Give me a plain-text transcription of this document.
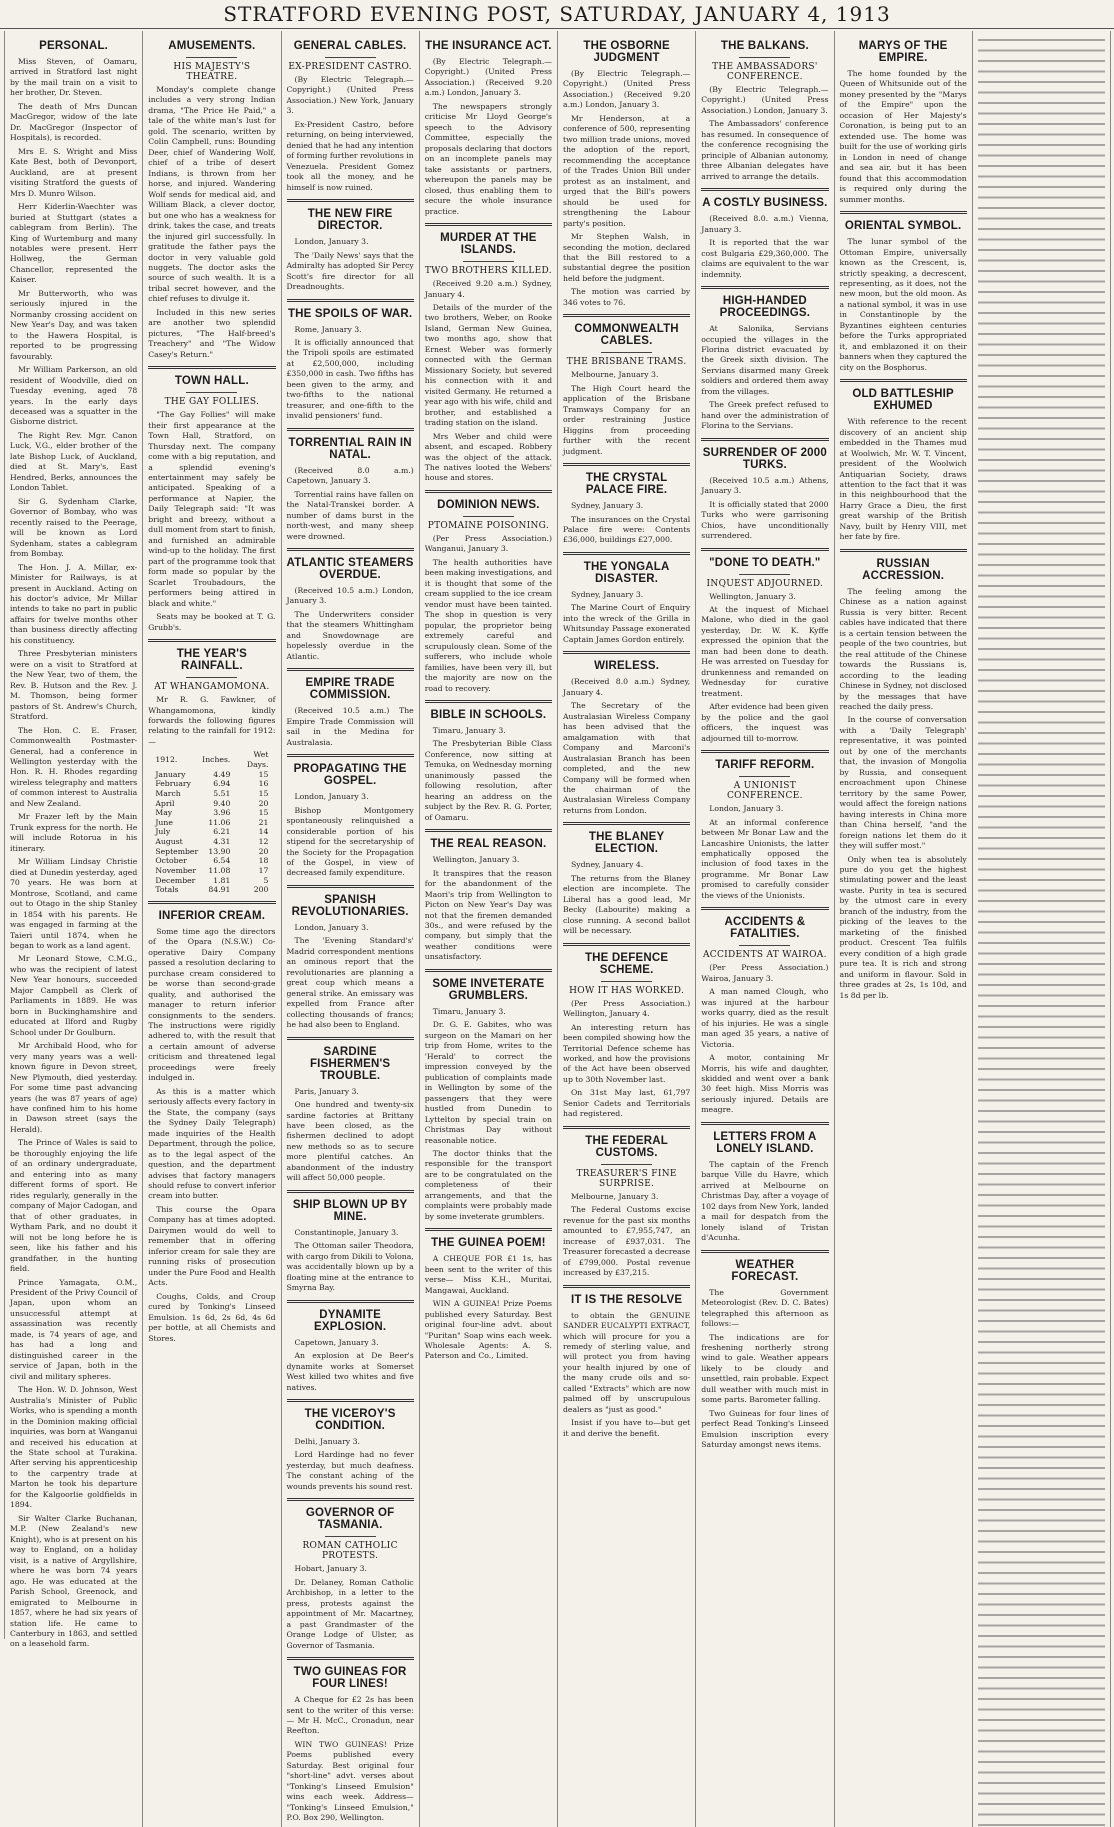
STRATFORD EVENING POST, SATURDAY, JANUARY 4, 1913
PERSONAL.

Miss Steven, of Oamaru, arrived in Stratford last night by the mail train on a visit to her brother, Dr. Steven.

The death of Mrs Duncan MacGregor, widow of the late Dr. MacGregor (Inspector of Hospitals), is recorded.

Mrs E. S. Wright and Miss Kate Best, both of Devonport, Auckland, are at present visiting Stratford the guests of Mrs D. Munro Wilson.

Herr Kiderlin-Waechter was buried at Stuttgart (states a cablegram from Berlin). The King of Wurtemburg and many notables were present. Herr Hollweg, the German Chancellor, represented the Kaiser.

Mr Butterworth, who was seriously injured in the Normanby crossing accident on New Year's Day, and was taken to the Hawera Hospital, is reported to be progressing favourably.

Mr William Parkerson, an old resident of Woodville, died on Tuesday evening, aged 78 years. In the early days deceased was a squatter in the Gisborne district.

The Right Rev. Mgr. Canon Luck, V.G., elder brother of the late Bishop Luck, of Auckland, died at St. Mary's, East Hendred, Berks, announces the London Tablet.

Sir G. Sydenham Clarke, Governor of Bombay, who was recently raised to the Peerage, will be known as Lord Sydenham, states a cablegram from Bombay.

The Hon. J. A. Millar, ex-Minister for Railways, is at present in Auckland. Acting on his doctor's advice, Mr Millar intends to take no part in public affairs for twelve months other than business directly affecting his constituency.

Three Presbyterian ministers were on a visit to Stratford at the New Year, two of them, the Rev. B. Hutson and the Rev. J. M. Thomson, being former pastors of St. Andrew's Church, Stratford.

The Hon. C. E. Fraser, Commonwealth Postmaster-General, had a conference in Wellington yesterday with the Hon. R. H. Rhodes regarding wireless telegraphy and matters of common interest to Australia and New Zealand.

Mr Frazer left by the Main Trunk express for the north. He will include Rotorua in his itinerary.

Mr William Lindsay Christie died at Dunedin yesterday, aged 70 years. He was born at Montrose, Scotland, and came out to Otago in the ship Stanley in 1854 with his parents. He was engaged in farming at the Taieri until 1874, when he began to work as a land agent.

Mr Leonard Stowe, C.M.G., who was the recipient of latest New Year honours, succeeded Major Campbell as Clerk of Parliaments in 1889. He was born in Buckinghamshire and educated at Ilford and Rugby School under Dr Goulburn.

Mr Archibald Hood, who for very many years was a well-known figure in Devon street, New Plymouth, died yesterday. For some time past advancing years (he was 87 years of age) have confined him to his home in Dawson street (says the Herald).

The Prince of Wales is said to be thoroughly enjoying the life of an ordinary undergraduate, and entering into as many different forms of sport. He rides regularly, generally in the company of Major Cadogan, and that of other graduates, in Wytham Park, and no doubt it will not be long before he is seen, like his father and his grandfather, in the hunting field.

Prince Yamagata, O.M., President of the Privy Council of Japan, upon whom an unsuccessful attempt at assassination was recently made, is 74 years of age, and has had a long and distinguished career in the service of Japan, both in the civil and military spheres.

The Hon. W. D. Johnson, West Australia's Minister of Public Works, who is spending a month in the Dominion making official inquiries, was born at Wanganui and received his education at the State school at Turakina. After serving his apprenticeship to the carpentry trade at Marton he took his departure for the Kalgoorlie goldfields in 1894.

Sir Walter Clarke Buchanan, M.P. (New Zealand's new Knight), who is at present on his way to England, on a holiday visit, is a native of Argyllshire, where he was born 74 years ago. He was educated at the Parish School, Greenock, and emigrated to Melbourne in 1857, where he had six years of station life. He came to Canterbury in 1863, and settled on a leasehold farm.

AMUSEMENTS.
HIS MAJESTY'S THEATRE.

Monday's complete change includes a very strong Indian drama, "The Price He Paid," a tale of the white man's lust for gold. The scenario, written by Colin Campbell, runs: Bounding Deer, chief of Wandering Wolf, chief of a tribe of desert Indians, is thrown from her horse, and injured. Wandering Wolf sends for medical aid, and William Black, a clever doctor, but one who has a weakness for drink, takes the case, and treats the injured girl successfully. In gratitude the father pays the doctor in very valuable gold nuggets. The doctor asks the source of such wealth. It is a tribal secret however, and the chief refuses to divulge it.

Included in this new series are another two splendid pictures, "The Half-breed's Treachery" and "The Widow Casey's Return."

TOWN HALL.
THE GAY FOLLIES.

"The Gay Follies" will make their first appearance at the Town Hall, Stratford, on Thursday next. The company come with a big reputation, and a splendid evening's entertainment may safely be anticipated. Speaking of a performance at Napier, the Daily Telegraph said: "It was bright and breezy, without a dull moment from start to finish, and furnished an admirable wind-up to the holiday. The first part of the programme took that form made so popular by the Scarlet Troubadours, the performers being attired in black and white."

Seats may be booked at T. G. Grubb's.

THE YEAR'S RAINFALL.
AT WHANGAMOMONA.

Mr R. G. Fawkner, of Whangamomona, kindly forwards the following figures relating to the rainfall for 1912:—

1912.	Inches.	Wet Days.
January	4.49	15
February	6.94	16
March	5.51	15
April	9.40	20
May	3.96	15
June	11.06	21
July	6.21	14
August	4.31	12
September	13.90	20
October	6.54	18
November	11.08	17
December	1.81	5
Totals	84.91	200
INFERIOR CREAM.

Some time ago the directors of the Opara (N.S.W.) Co-operative Dairy Company passed a resolution declaring to purchase cream considered to be worse than second-grade quality, and authorised the manager to return inferior consignments to the senders. The instructions were rigidly adhered to, with the result that a certain amount of adverse criticism and threatened legal proceedings were freely indulged in.

As this is a matter which seriously affects every factory in the State, the company (says the Sydney Daily Telegraph) made inquiries of the Health Department, through the police, as to the legal aspect of the question, and the department advises that factory managers should refuse to convert inferior cream into butter.

This course the Opara Company has at times adopted. Dairymen would do well to remember that in offering inferior cream for sale they are running risks of prosecution under the Pure Food and Health Acts.

Coughs, Colds, and Croup cured by Tonking's Linseed Emulsion. 1s 6d, 2s 6d, 4s 6d per bottle, at all Chemists and Stores.

GENERAL CABLES.
EX-PRESIDENT CASTRO.

(By Electric Telegraph.—Copyright.) (United Press Association.) New York, January 3.

Ex-President Castro, before returning, on being interviewed, denied that he had any intention of forming further revolutions in Venezuela. President Gomez took all the money, and he himself is now ruined.

THE NEW FIRE DIRECTOR.

London, January 3.

The 'Daily News' says that the Admiralty has adopted Sir Percy Scott's fire director for all Dreadnoughts.

THE SPOILS OF WAR.

Rome, January 3.

It is officially announced that the Tripoli spoils are estimated at £2,500,000, including £350,000 in cash. Two fifths has been given to the army, and two-fifths to the national treasurer, and one-fifth to the invalid pensioners' fund.

TORRENTIAL RAIN IN NATAL.

(Received 8.0 a.m.) Capetown, January 3.

Torrential rains have fallen on the Natal-Transkei border. A number of dams burst in the north-west, and many sheep were drowned.

ATLANTIC STEAMERS OVERDUE.

(Received 10.5 a.m.) London, January 3.

The Underwriters consider that the steamers Whittingham and Snowdownage are hopelessly overdue in the Atlantic.

EMPIRE TRADE COMMISSION.

(Received 10.5 a.m.) The Empire Trade Commission will sail in the Medina for Australasia.

PROPAGATING THE GOSPEL.

London, January 3.

Bishop Montgomery spontaneously relinquished a considerable portion of his stipend for the secretaryship of the Society for the Propagation of the Gospel, in view of decreased family expenditure.

SPANISH REVOLUTIONARIES.

London, January 3.

The 'Evening Standard's' Madrid correspondent mentions an ominous report that the revolutionaries are planning a great coup which means a general strike. An emissary was expelled from France after collecting thousands of francs; he had also been to England.

SARDINE FISHERMEN'S TROUBLE.

Paris, January 3.

One hundred and twenty-six sardine factories at Brittany have been closed, as the fishermen declined to adopt new methods so as to secure more plentiful catches. An abandonment of the industry will affect 50,000 people.

SHIP BLOWN UP BY MINE.

Constantinople, January 3.

The Ottoman sailer Theodora, with cargo from Dikili to Volona, was accidentally blown up by a floating mine at the entrance to Smyrna Bay.

DYNAMITE EXPLOSION.

Capetown, January 3.

An explosion at De Beer's dynamite works at Somerset West killed two whites and five natives.

THE VICEROY'S CONDITION.

Delhi, January 3.

Lord Hardinge had no fever yesterday, but much deafness. The constant aching of the wounds prevents his sound rest.

GOVERNOR OF TASMANIA.
ROMAN CATHOLIC PROTESTS.

Hobart, January 3.

Dr. Delaney, Roman Catholic Archbishop, in a letter to the press, protests against the appointment of Mr. Macartney, a past Grandmaster of the Orange Lodge of Ulster, as Governor of Tasmania.

TWO GUINEAS FOR FOUR LINES!

A Cheque for £2 2s has been sent to the writer of this verse:— Mr H. McC., Cronadun, near Reefton.

WIN TWO GUINEAS! Prize Poems published every Saturday. Best original four "short-line" advt. verses about "Tonking's Linseed Emulsion" wins each week. Address— "Tonking's Linseed Emulsion," P.O. Box 290, Wellington.

THE INSURANCE ACT.

(By Electric Telegraph.—Copyright.) (United Press Association.) (Received 9.20 a.m.) London, January 3.

The newspapers strongly criticise Mr Lloyd George's speech to the Advisory Committee, especially the proposals declaring that doctors on an incomplete panels may take assistants or partners, whereupon the panels may be closed, thus enabling them to secure the whole insurance practice.

MURDER AT THE ISLANDS.
TWO BROTHERS KILLED.

(Received 9.20 a.m.) Sydney, January 4.

Details of the murder of the two brothers, Weber, on Rooke Island, German New Guinea, two months ago, show that Ernest Weber was formerly connected with the German Missionary Society, but severed his connection with it and visited Germany. He returned a year ago with his wife, child and brother, and established a trading station on the island.

Mrs Weber and child were absent, and escaped. Robbery was the object of the attack. The natives looted the Webers' house and stores.

DOMINION NEWS.
PTOMAINE POISONING.

(Per Press Association.) Wanganui, January 3.

The health authorities have been making investigations, and it is thought that some of the cream supplied to the ice cream vendor must have been tainted. The shop in question is very popular, the proprietor being extremely careful and scrupulously clean. Some of the sufferers, who include whole families, have been very ill, but the majority are now on the road to recovery.

BIBLE IN SCHOOLS.

Timaru, January 3.

The Presbyterian Bible Class Conference, now sitting at Temuka, on Wednesday morning unanimously passed the following resolution, after hearing an address on the subject by the Rev. R. G. Porter, of Oamaru.

THE REAL REASON.

Wellington, January 3.

It transpires that the reason for the abandonment of the Maori's trip from Wellington to Picton on New Year's Day was not that the firemen demanded 30s., and were refused by the company, but simply that the weather conditions were unsatisfactory.

SOME INVETERATE GRUMBLERS.

Timaru, January 3.

Dr. G. E. Gabites, who was surgeon on the Mamari on her trip from Home, writes to the 'Herald' to correct the impression conveyed by the publication of complaints made in Wellington by some of the passengers that they were hustled from Dunedin to Lyttelton by special train on Christmas Day without reasonable notice.

The doctor thinks that the responsible for the transport are to be congratulated on the completeness of their arrangements, and that the complaints were probably made by some inveterate grumblers.

THE GUINEA POEM!

A CHEQUE FOR £1 1s, has been sent to the writer of this verse— Miss K.H., Muritai, Mangawai, Auckland.

WIN A GUINEA! Prize Poems published every Saturday. Best original four-line advt. about "Puritan" Soap wins each week. Wholesale Agents: A. S. Paterson and Co., Limited.

THE OSBORNE JUDGMENT

(By Electric Telegraph.—Copyright.) (United Press Association.) (Received 9.20 a.m.) London, January 3.

Mr Henderson, at a conference of 500, representing two million trade unions, moved the adoption of the report, recommending the acceptance of the Trades Union Bill under protest as an instalment, and urged that the Bill's powers should be used for strengthening the Labour party's position.

Mr Stephen Walsh, in seconding the motion, declared that the Bill restored to a substantial degree the position held before the judgment.

The motion was carried by 346 votes to 76.

COMMONWEALTH CABLES.
THE BRISBANE TRAMS.

Melbourne, January 3.

The High Court heard the application of the Brisbane Tramways Company for an order restraining Justice Higgins from proceeding further with the recent judgment.

THE CRYSTAL PALACE FIRE.

Sydney, January 3.

The insurances on the Crystal Palace fire were: Contents £36,000, buildings £27,000.

THE YONGALA DISASTER.

Sydney, January 3.

The Marine Court of Enquiry into the wreck of the Grilla in Whitsunday Passage exonerated Captain James Gordon entirely.

WIRELESS.

(Received 8.0 a.m.) Sydney, January 4.

The Secretary of the Australasian Wireless Company has been advised that the amalgamation with that Company and Marconi's Australasian Branch has been completed, and the new Company will be formed when the chairman of the Australasian Wireless Company returns from London.

THE BLANEY ELECTION.

Sydney, January 4.

The returns from the Blaney election are incomplete. The Liberal has a good lead, Mr Becky (Labourite) making a close running. A second ballot will be necessary.

THE DEFENCE SCHEME.
HOW IT HAS WORKED.

(Per Press Association.) Wellington, January 4.

An interesting return has been compiled showing how the Territorial Defence scheme has worked, and how the provisions of the Act have been observed up to 30th November last.

On 31st May last, 61,797 Senior Cadets and Territorials had registered.

THE FEDERAL CUSTOMS.
TREASURER'S FINE SURPRISE.

Melbourne, January 3.

The Federal Customs excise revenue for the past six months amounted to £7,955,747, an increase of £937,031. The Treasurer forecasted a decrease of £799,000. Postal revenue increased by £37,215.

IT IS THE RESOLVE

to obtain the GENUINE SANDER EUCALYPTI EXTRACT, which will procure for you a remedy of sterling value, and will protect you from having your health injured by one of the many crude oils and so-called "Extracts" which are now palmed off by unscrupulous dealers as "just as good."

Insist if you have to—but get it and derive the benefit.

THE BALKANS.
THE AMBASSADORS' CONFERENCE.

(By Electric Telegraph.—Copyright.) (United Press Association.) London, January 3.

The Ambassadors' conference has resumed. In consequence of the conference recognising the principle of Albanian autonomy, three Albanian delegates have arrived to arrange the details.

A COSTLY BUSINESS.

(Received 8.0. a.m.) Vienna, January 3.

It is reported that the war cost Bulgaria £29,360,000. The claims are equivalent to the war indemnity.

HIGH-HANDED PROCEEDINGS.

At Salonika, Servians occupied the villages in the Florina district evacuated by the Greek sixth division. The Servians disarmed many Greek soldiers and ordered them away from the villages.

The Greek prefect refused to hand over the administration of Florina to the Servians.

SURRENDER OF 2000 TURKS.

(Received 10.5 a.m.) Athens, January 3.

It is officially stated that 2000 Turks who were garrisoning Chios, have unconditionally surrendered.

"DONE TO DEATH."
INQUEST ADJOURNED.

Wellington, January 3.

At the inquest of Michael Malone, who died in the gaol yesterday, Dr. W. K. Kyffe expressed the opinion that the man had been done to death. He was arrested on Tuesday for drunkenness and remanded on Wednesday for curative treatment.

After evidence had been given by the police and the gaol officers, the inquest was adjourned till to-morrow.

TARIFF REFORM.
A UNIONIST CONFERENCE.

London, January 3.

At an informal conference between Mr Bonar Law and the Lancashire Unionists, the latter emphatically opposed the inclusion of food taxes in the programme. Mr Bonar Law promised to carefully consider the views of the Unionists.

ACCIDENTS & FATALITIES.
ACCIDENTS AT WAIROA.

(Per Press Association.) Wairoa, January 3.

A man named Clough, who was injured at the harbour works quarry, died as the result of his injuries. He was a single man aged 35 years, a native of Victoria.

A motor, containing Mr Morris, his wife and daughter, skidded and went over a bank 30 feet high. Miss Morris was seriously injured. Details are meagre.

LETTERS FROM A LONELY ISLAND.

The captain of the French barque Ville du Havre, which arrived at Melbourne on Christmas Day, after a voyage of 102 days from New York, landed a mail for despatch from the lonely island of Tristan d'Acunha.

WEATHER FORECAST.

The Government Meteorologist (Rev. D. C. Bates) telegraphed this afternoon as follows:—

The indications are for freshening northerly strong wind to gale. Weather appears likely to be cloudy and unsettled, rain probable. Expect dull weather with much mist in some parts. Barometer falling.

Two Guineas for four lines of perfect Read Tonking's Linseed Emulsion inscription every Saturday amongst news items.

MARYS OF THE EMPIRE.

The home founded by the Queen of Whitsunide out of the money presented by the "Marys of the Empire" upon the occasion of Her Majesty's Coronation, is being put to an extended use. The home was built for the use of working girls in London in need of change and sea air, but it has been found that this accommodation is required only during the summer months.

ORIENTAL SYMBOL.

The lunar symbol of the Ottoman Empire, universally known as the Crescent, is, strictly speaking, a decrescent, representing, as it does, not the new moon, but the old moon. As a national symbol, it was in use in Constantinople by the Byzantines eighteen centuries before the Turks appropriated it, and emblazoned it on their banners when they captured the city on the Bosphorus.

OLD BATTLESHIP EXHUMED

With reference to the recent discovery of an ancient ship embedded in the Thames mud at Woolwich, Mr. W. T. Vincent, president of the Woolwich Antiquarian Society, draws attention to the fact that it was in this neighbourhood that the Harry Grace a Dieu, the first great warship of the British Navy, built by Henry VIII, met her fate by fire.

RUSSIAN ACCRESSION.

The feeling among the Chinese as a nation against Russia is very bitter. Recent cables have indicated that there is a certain tension between the people of the two countries, but the real attitude of the Chinese towards the Russians is, according to the leading Chinese in Sydney, not disclosed by the messages that have reached the daily press.

In the course of conversation with a 'Daily Telegraph' representative, it was pointed out by one of the merchants that, the invasion of Mongolia by Russia, and consequent encroachment upon Chinese territory by the same Power, would affect the foreign nations having interests in China more than China herself, "and the foreign nations let them do it they will suffer most."

Only when tea is absolutely pure do you get the highest stimulating power and the least waste. Purity in tea is secured by the utmost care in every branch of the industry, from the picking of the leaves to the marketing of the finished product. Crescent Tea fulfils every condition of a high grade pure tea. It is rich and strong and uniform in flavour. Sold in three grades at 2s, 1s 10d, and 1s 8d per lb.
